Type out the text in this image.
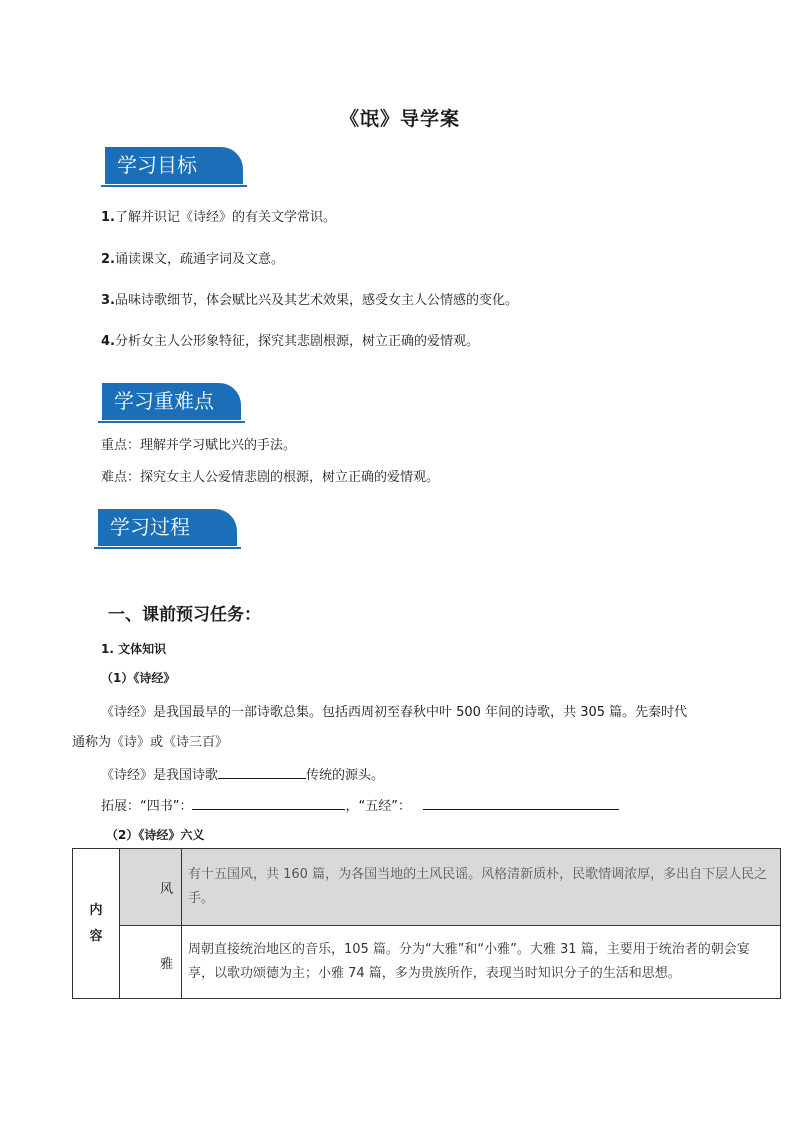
《氓》导学案
学习目标
1.了解并识记《诗经》的有关文学常识。
2.诵读课文，疏通字词及文意。
3.品味诗歌细节，体会赋比兴及其艺术效果，感受女主人公情感的变化。
4.分析女主人公形象特征，探究其悲剧根源，树立正确的爱情观。
学习重难点
重点：理解并学习赋比兴的手法。
难点：探究女主人公爱情悲剧的根源，树立正确的爱情观。
学习过程
一、课前预习任务：
1. 文体知识
（1）《诗经》
《诗经》是我国最早的一部诗歌总集。包括西周初至春秋中叶 500 年间的诗歌，共 305 篇。先秦时代
通称为《诗》或《诗三百》
《诗经》是我国诗歌	传统的源头。
拓展：“四书”：	，“五经”：
（2）《诗经》六义
内
容	风	有十五国风，共 160 篇，为各国当地的土风民谣。风格清新质朴，民歌情调浓厚，多出自下层人民之手。
	雅	周朝直接统治地区的音乐，105 篇。分为“大雅”和“小雅”。大雅 31 篇，主要用于统治者的朝会宴享，以歌功颂德为主；小雅 74 篇，多为贵族所作，表现当时知识分子的生活和思想。
